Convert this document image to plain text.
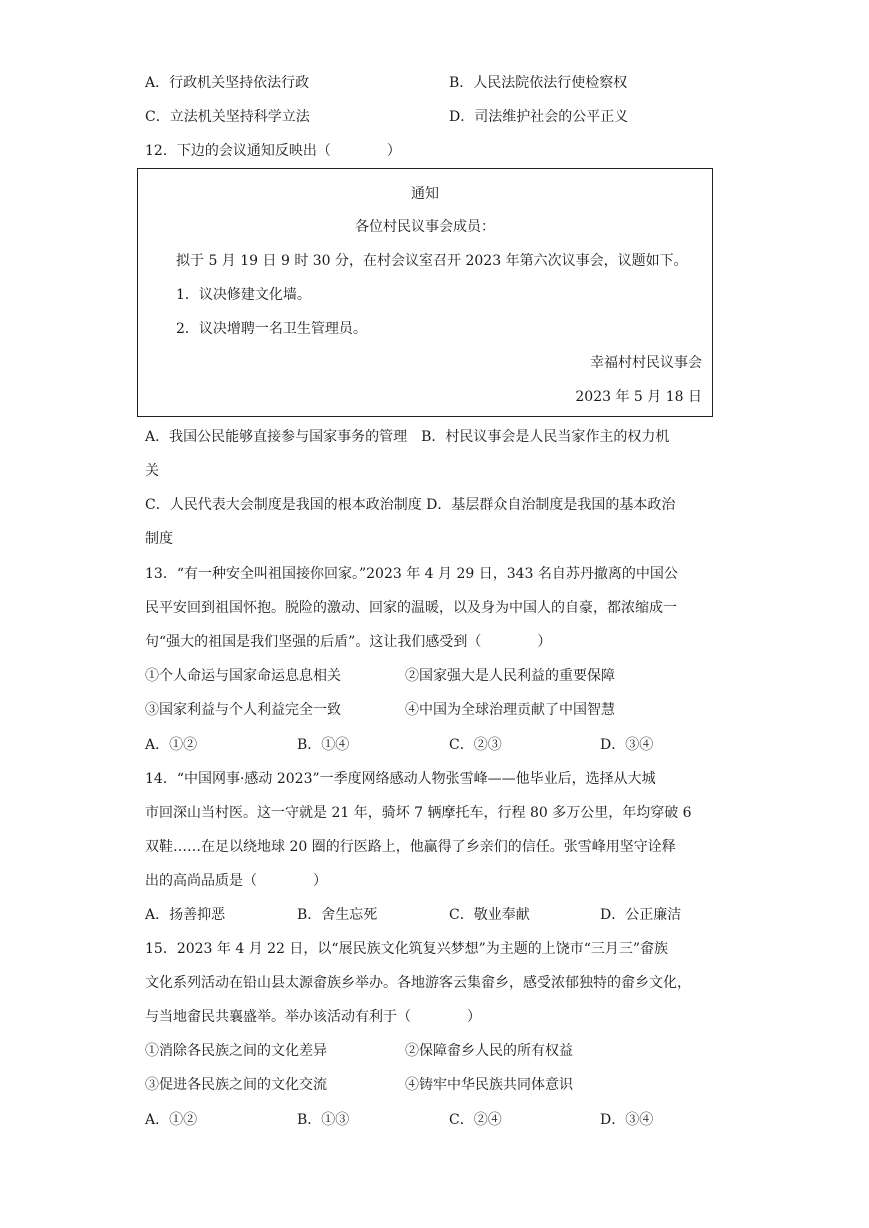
A．行政机关坚持依法行政	B．人民法院依法行使检察权
C．立法机关坚持科学立法	D．司法维护社会的公平正义
12．下边的会议通知反映出（　　　　）
通知
各位村民议事会成员：
拟于 5 月 19 日 9 时 30 分，在村会议室召开 2023 年第六次议事会，议题如下。
1．议决修建文化墙。
2．议决增聘一名卫生管理员。
幸福村村民议事会
2023 年 5 月 18 日
A．我国公民能够直接参与国家事务的管理　B．村民议事会是人民当家作主的权力机
关
C．人民代表大会制度是我国的根本政治制度 D．基层群众自治制度是我国的基本政治
制度
13．“有一种安全叫祖国接你回家。”2023 年 4 月 29 日，343 名自苏丹撤离的中国公
民平安回到祖国怀抱。脱险的激动、回家的温暖，以及身为中国人的自豪，都浓缩成一
句“强大的祖国是我们坚强的后盾”。这让我们感受到（　　　　）
①个人命运与国家命运息息相关	②国家强大是人民利益的重要保障
③国家利益与个人利益完全一致	④中国为全球治理贡献了中国智慧
A．①②	B．①④	C．②③	D．③④
14．“中国网事·感动 2023”一季度网络感动人物张雪峰——他毕业后，选择从大城
市回深山当村医。这一守就是 21 年，骑坏 7 辆摩托车，行程 80 多万公里，年均穿破 6
双鞋……在足以绕地球 20 圈的行医路上，他赢得了乡亲们的信任。张雪峰用坚守诠释
出的高尚品质是（　　　　）
A．扬善抑恶	B．舍生忘死	C．敬业奉献	D．公正廉洁
15．2023 年 4 月 22 日，以“展民族文化筑复兴梦想”为主题的上饶市“三月三”畲族
文化系列活动在铅山县太源畲族乡举办。各地游客云集畲乡，感受浓郁独特的畲乡文化，
与当地畲民共襄盛举。举办该活动有利于（　　　　）
①消除各民族之间的文化差异	②保障畲乡人民的所有权益
③促进各民族之间的文化交流	④铸牢中华民族共同体意识
A．①②	B．①③	C．②④	D．③④
